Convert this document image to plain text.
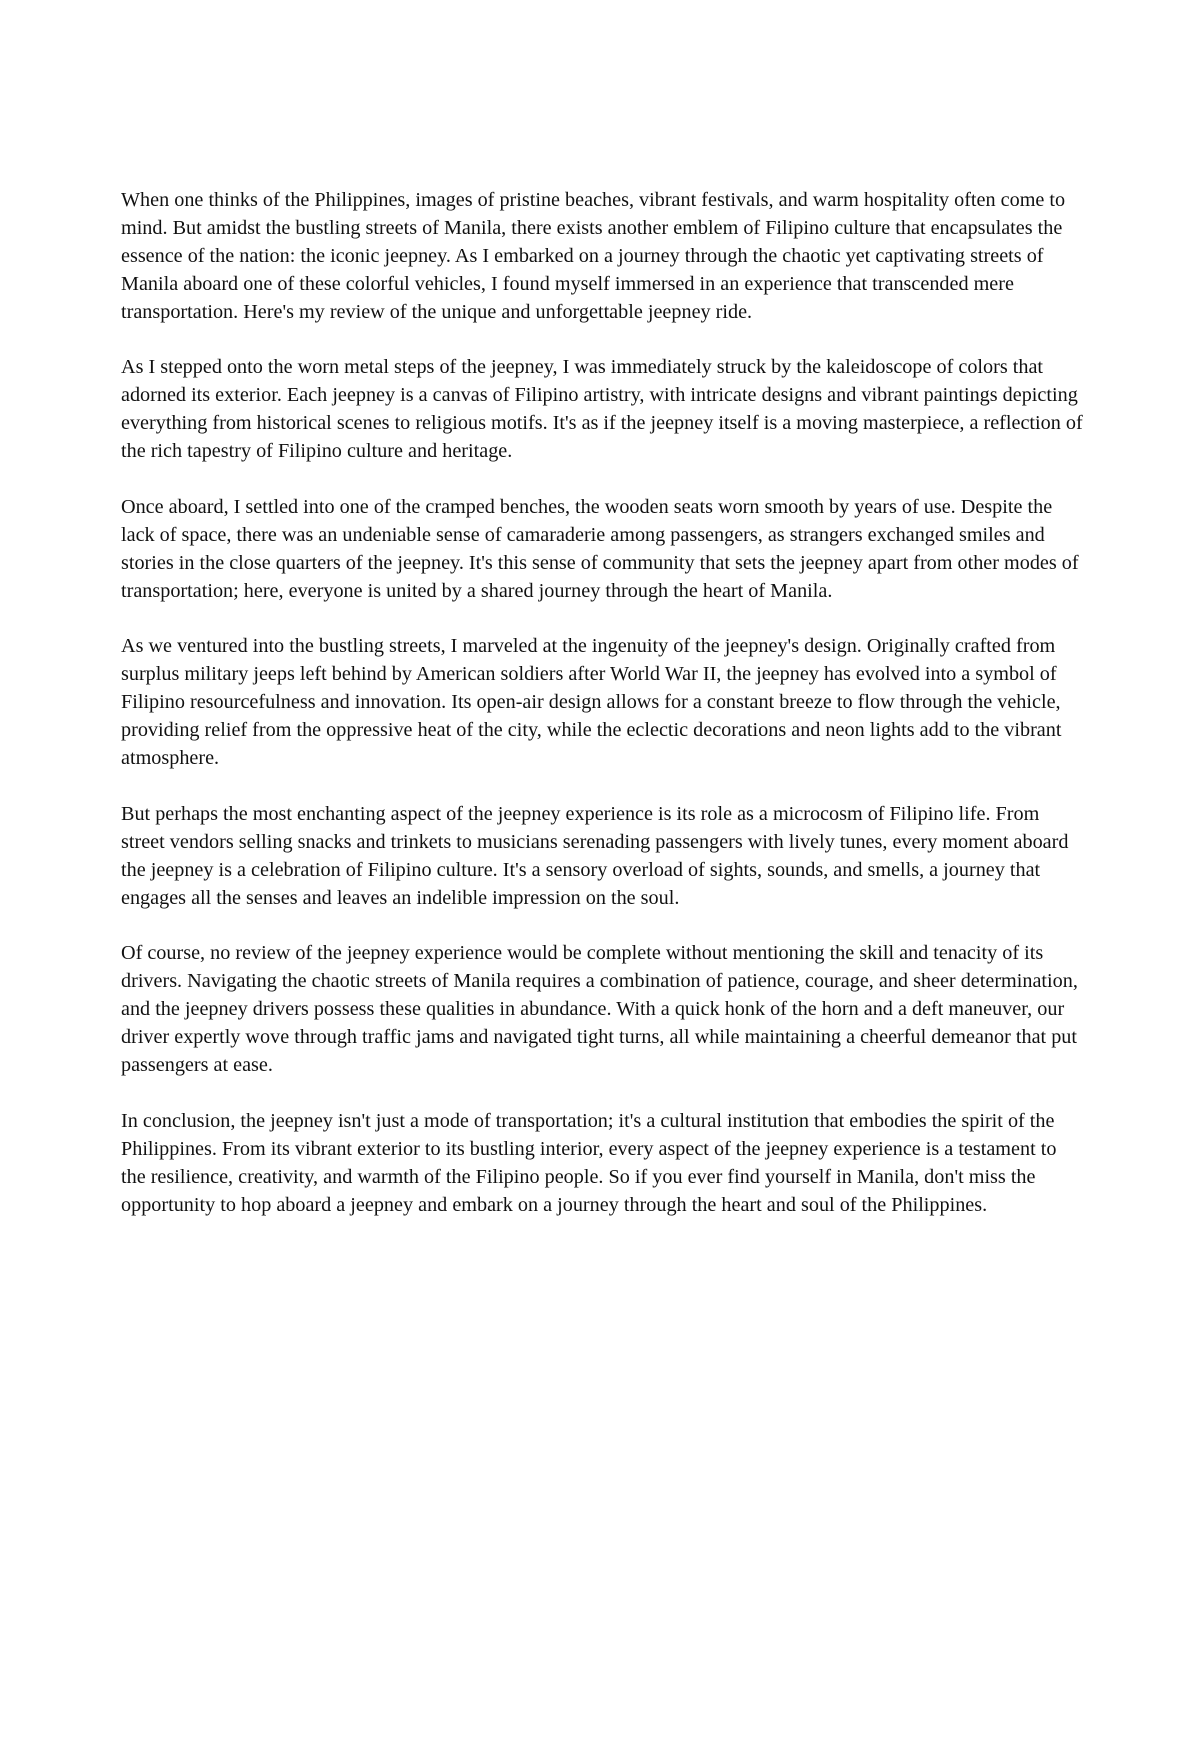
When one thinks of the Philippines, images of pristine beaches, vibrant festivals, and warm hospitality often come to mind. But amidst the bustling streets of Manila, there exists another emblem of Filipino culture that encapsulates the essence of the nation: the iconic jeepney. As I embarked on a journey through the chaotic yet captivating streets of Manila aboard one of these colorful vehicles, I found myself immersed in an experience that transcended mere transportation. Here's my review of the unique and unforgettable jeepney ride.

As I stepped onto the worn metal steps of the jeepney, I was immediately struck by the kaleidoscope of colors that adorned its exterior. Each jeepney is a canvas of Filipino artistry, with intricate designs and vibrant paintings depicting everything from historical scenes to religious motifs. It's as if the jeepney itself is a moving masterpiece, a reflection of the rich tapestry of Filipino culture and heritage.

Once aboard, I settled into one of the cramped benches, the wooden seats worn smooth by years of use. Despite the lack of space, there was an undeniable sense of camaraderie among passengers, as strangers exchanged smiles and stories in the close quarters of the jeepney. It's this sense of community that sets the jeepney apart from other modes of transportation; here, everyone is united by a shared journey through the heart of Manila.

As we ventured into the bustling streets, I marveled at the ingenuity of the jeepney's design. Originally crafted from surplus military jeeps left behind by American soldiers after World War II, the jeepney has evolved into a symbol of Filipino resourcefulness and innovation. Its open-air design allows for a constant breeze to flow through the vehicle, providing relief from the oppressive heat of the city, while the eclectic decorations and neon lights add to the vibrant atmosphere.

But perhaps the most enchanting aspect of the jeepney experience is its role as a microcosm of Filipino life. From street vendors selling snacks and trinkets to musicians serenading passengers with lively tunes, every moment aboard the jeepney is a celebration of Filipino culture. It's a sensory overload of sights, sounds, and smells, a journey that engages all the senses and leaves an indelible impression on the soul.

Of course, no review of the jeepney experience would be complete without mentioning the skill and tenacity of its drivers. Navigating the chaotic streets of Manila requires a combination of patience, courage, and sheer determination, and the jeepney drivers possess these qualities in abundance. With a quick honk of the horn and a deft maneuver, our driver expertly wove through traffic jams and navigated tight turns, all while maintaining a cheerful demeanor that put passengers at ease.

In conclusion, the jeepney isn't just a mode of transportation; it's a cultural institution that embodies the spirit of the Philippines. From its vibrant exterior to its bustling interior, every aspect of the jeepney experience is a testament to the resilience, creativity, and warmth of the Filipino people. So if you ever find yourself in Manila, don't miss the opportunity to hop aboard a jeepney and embark on a journey through the heart and soul of the Philippines.
